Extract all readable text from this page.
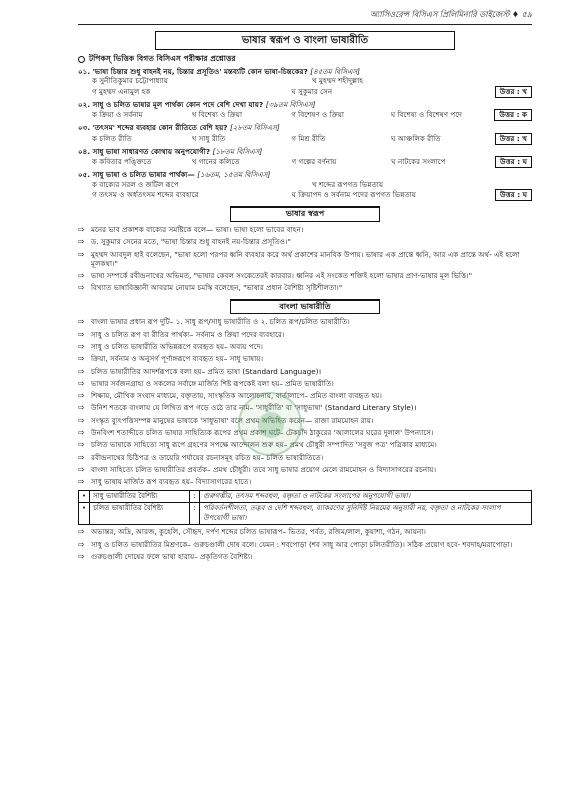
অ্যাসিওরেন্স বিসিএস প্রিলিমিনারি ডাইজেস্ট ♦ ৫৯
ভাষার স্বরূপ ও বাংলা ভাষারীতি
টপিকস্ ভিত্তিক বিগত বিসিএস পরীক্ষার প্রশ্নোত্তর
০১. 'ভাষা চিন্তার শুধু বাহনই নয়, চিন্তার প্রসূতিও' মন্তব্যটি কোন ভাষা-চিন্তকের? [৪৫তম বিসিএস]
ক সুনীতিকুমার চট্টোপাধ্যায়	খ মুহম্মদ শহীদুল্লাহ
গ মুহম্মদ এনামুল হক	ঘ সুকুমার সেন	উত্তর : খ
০২. সাধু ও চলিত ভাষার মূল পার্থক্য কোন পদে বেশি দেখা যায়? [৩৯তম বিসিএস]
ক ক্রিয়া ও সর্বনাম	খ বিশেষ্য ও ক্রিয়া	গ বিশেষণ ও ক্রিয়া	ঘ বিশেষ্য ও বিশেষণ পদে	উত্তর : ক
০৩. 'তৎসম' শব্দের ব্যবহার কোন রীতিতে বেশি হয়? [২৮তম বিসিএস]
ক চলিত রীতি	খ সাধু রীতি	গ মিশ্র রীতি	ঘ আঞ্চলিক রীতি	উত্তর : খ
০৪. সাধু ভাষা সাধারণত কোথায় অনুপযোগী? [১৮তম বিসিএস]
ক কবিতার পঙ্ক্তিতে	খ গানের কলিতে	গ গল্পের বর্ণনায়	ঘ নাটকের সংলাপে	উত্তর : ঘ
০৫. সাধু ভাষা ও চলিত ভাষার পার্থক্য— [১৬তম, ১৫তম বিসিএস]
ক বাক্যের সরল ও জটিল রূপে	খ শব্দের রূপগত ভিন্নতায়
গ তৎসম ও অর্ধতৎসম শব্দের ব্যবহারে	ঘ ক্রিয়াপদ ও সর্বনাম পদের রূপগত ভিন্নতায়	উত্তর : ঘ
ভাষার স্বরূপ
⇨ মনের ভাব প্রকাশক বাক্যের সমষ্টিকে বলে— ভাষা। ভাষা হলো ভাবের বাহন।
⇨ ড. সুকুমার সেনের মতে, "ভাষা চিন্তার শুধু বাহনই নয়-চিন্তার প্রসূতিও।"
⇨ মুহম্মদ আবদুল হাই বলেছেন, "ভাষা হলো পরপর ধ্বনি ব্যবহার করে অর্থ প্রকাশের মানবিক উপায়। ভাষার এক প্রান্তে ধ্বনি, আর এক প্রান্তে অর্থ- এই হলো মূলকথা।"
⇨ ভাষা সম্পর্কে রবীন্দ্রনাথের অভিমত, "ভাষার কেবল সংকেতেরই কারবার। ধ্বনির এই সংকেত শক্তিই হলো ভাষার প্রাণ-ভাষার মূল ভিত্তি।"
⇨ বিখ্যাত ভাষাবিজ্ঞানী আবরাম নোয়াম চমস্কি বলেছেন, "ভাষার প্রধান বৈশিষ্ট্য সৃষ্টিশীলতা।"
বাংলা ভাষারীতি
⇨ বাংলা ভাষার প্রধান রূপ দুটি– ১. সাধু রূপ/সাধু ভাষারীতি ও ২. চলিত রূপ/চলিত ভাষারীতি।
⇨ সাধু ও চলিত রূপ বা রীতির পার্থক্য– সর্বনাম ও ক্রিয়া পদের ব্যবহারে।
⇨ সাধু ও চলিত ভাষারীতি অভিন্নরূপে ব্যবহৃত হয়– অব্যয় পদে।
⇨ ক্রিয়া, সর্বনাম ও অনুসর্গ পূর্ণাঙ্গরূপে ব্যবহৃত হয়– সাধু ভাষায়।
⇨ চলিত ভাষারীতির আদর্শরূপকে বলা হয়– প্রমিত ভাষা (Standard Language)।
⇨ ভাষার সর্বজনগ্রাহ্য ও সকলের সর্বাঙ্গে মার্জিত শিষ্ট রূপকেই বলা হয়– প্রমিত ভাষারীতি।
⇨ শিক্ষায়, মৌখিক সংবাদ মাধ্যমে, বক্তৃতায়, সাংস্কৃতিক আলোচনায়, বার্তালাপে– প্রমিত বাংলা ব্যবহৃত হয়।
⇨ উনিশ শতকে বাংলায় যে লিখিত রূপ গড়ে ওঠে তার নাম– 'সাধুরীতি' বা 'সাধুভাষা' (Standard Literary Style)।
⇨ সংস্কৃত ব্যুৎপত্তিসম্পন্ন মানুষের ভাষাকে 'সাধুভাষা' বলে প্রথম অভিহিত করেন— রাজা রামমোহন রায়।
⇨ উনবিংশ শতাব্দীতে চলিত ভাষার সাহিত্যিক রূপের প্রথম প্রকাশ ঘটে– টেকচাঁদ ঠাকুরের 'আলালের ঘরের দুলাল' উপন্যাসে।
⇨ চলিত ভাষাকে সাহিত্যে সাধু রূপে গ্রহণের সপক্ষে আন্দোলন শুরু হয়– প্রমথ চৌধুরী সম্পাদিত 'সবুজ পত্র' পত্রিকার মাধ্যমে।
⇨ রবীন্দ্রনাথের চিঠিপত্র ও ডায়েরি পর্যায়ের রচনাসমূহ রচিত হয়– চলিত ভাষারীতিতে।
⇨ বাংলা সাহিত্যে চলিত ভাষারীতির প্রবর্তক– প্রমথ চৌধুরী। তবে সাধু ভাষার প্রয়োগ মেলে রামমোহন ও বিদ্যাসাগরের রচনায়।
⇨ সাধু ভাষায় মার্জিত রূপ ব্যবহৃত হয়– বিদ্যাসাগরের হাতে।
•	সাধু ভাষারীতির বৈশিষ্ট্য	:	গুরুগম্ভীর, তৎসম শব্দবহুল, বক্তৃতা ও নাটকের সংলাপের অনুপযোগী ভাষা।
•	চলিত ভাষারীতির বৈশিষ্ট্য	:	পরিবর্তনশীলতা, তদ্ভব ও দেশি শব্দবহুল, ব্যাকরণের সুনির্দিষ্ট নিয়মের অনুসারী নয়, বক্তৃতা ও নাটকের সংলাপ উপযোগী ভাষা।
⇨ অভ্যন্তর, অদ্রি, আরজ, কুহেলি, সৌহৃদ, দর্পণ শব্দের চলিত ভাষারূপ– ভিতর, পর্বত, রজিম/লাল, কুয়াশা, গঠন, আয়না।
⇨ সাধু ও চলিত ভাষারীতির মিশ্রণকে– গুরুচণ্ডালী দোষ বলে। যেমন : শবপোড়া (শব সাধু আর পোড়া চলিতরীতি)। সঠিক প্রয়োগ হবে- শবদাহ/মরাপোড়া।
⇨ গুরুচণ্ডালী দোষের ফলে ভাষা হারায়– প্রকৃতিগত বৈশিষ্ট্য।
